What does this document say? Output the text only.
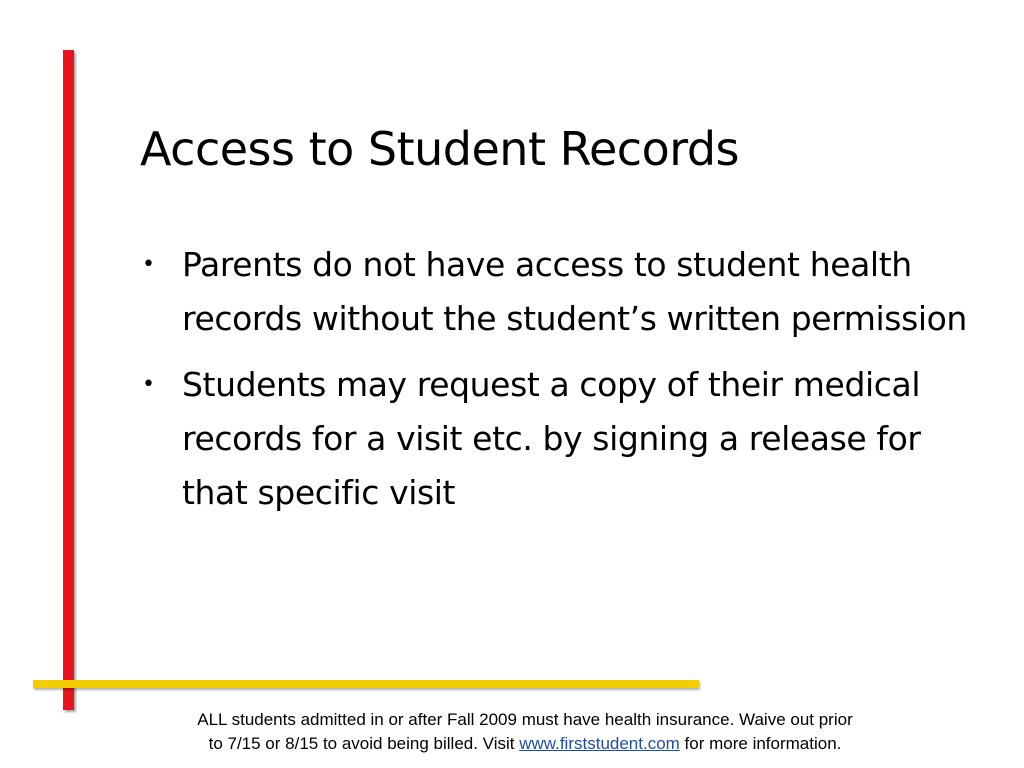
Access to Student Records
• Parents do not have access to student health records without the student’s written permission
• Students may request a copy of their medical records for a visit etc. by signing a release for that specific visit

ALL students admitted in or after Fall 2009 must have health insurance. Waive out prior
to 7/15 or 8/15 to avoid being billed. Visit www.firststudent.com for more information.
